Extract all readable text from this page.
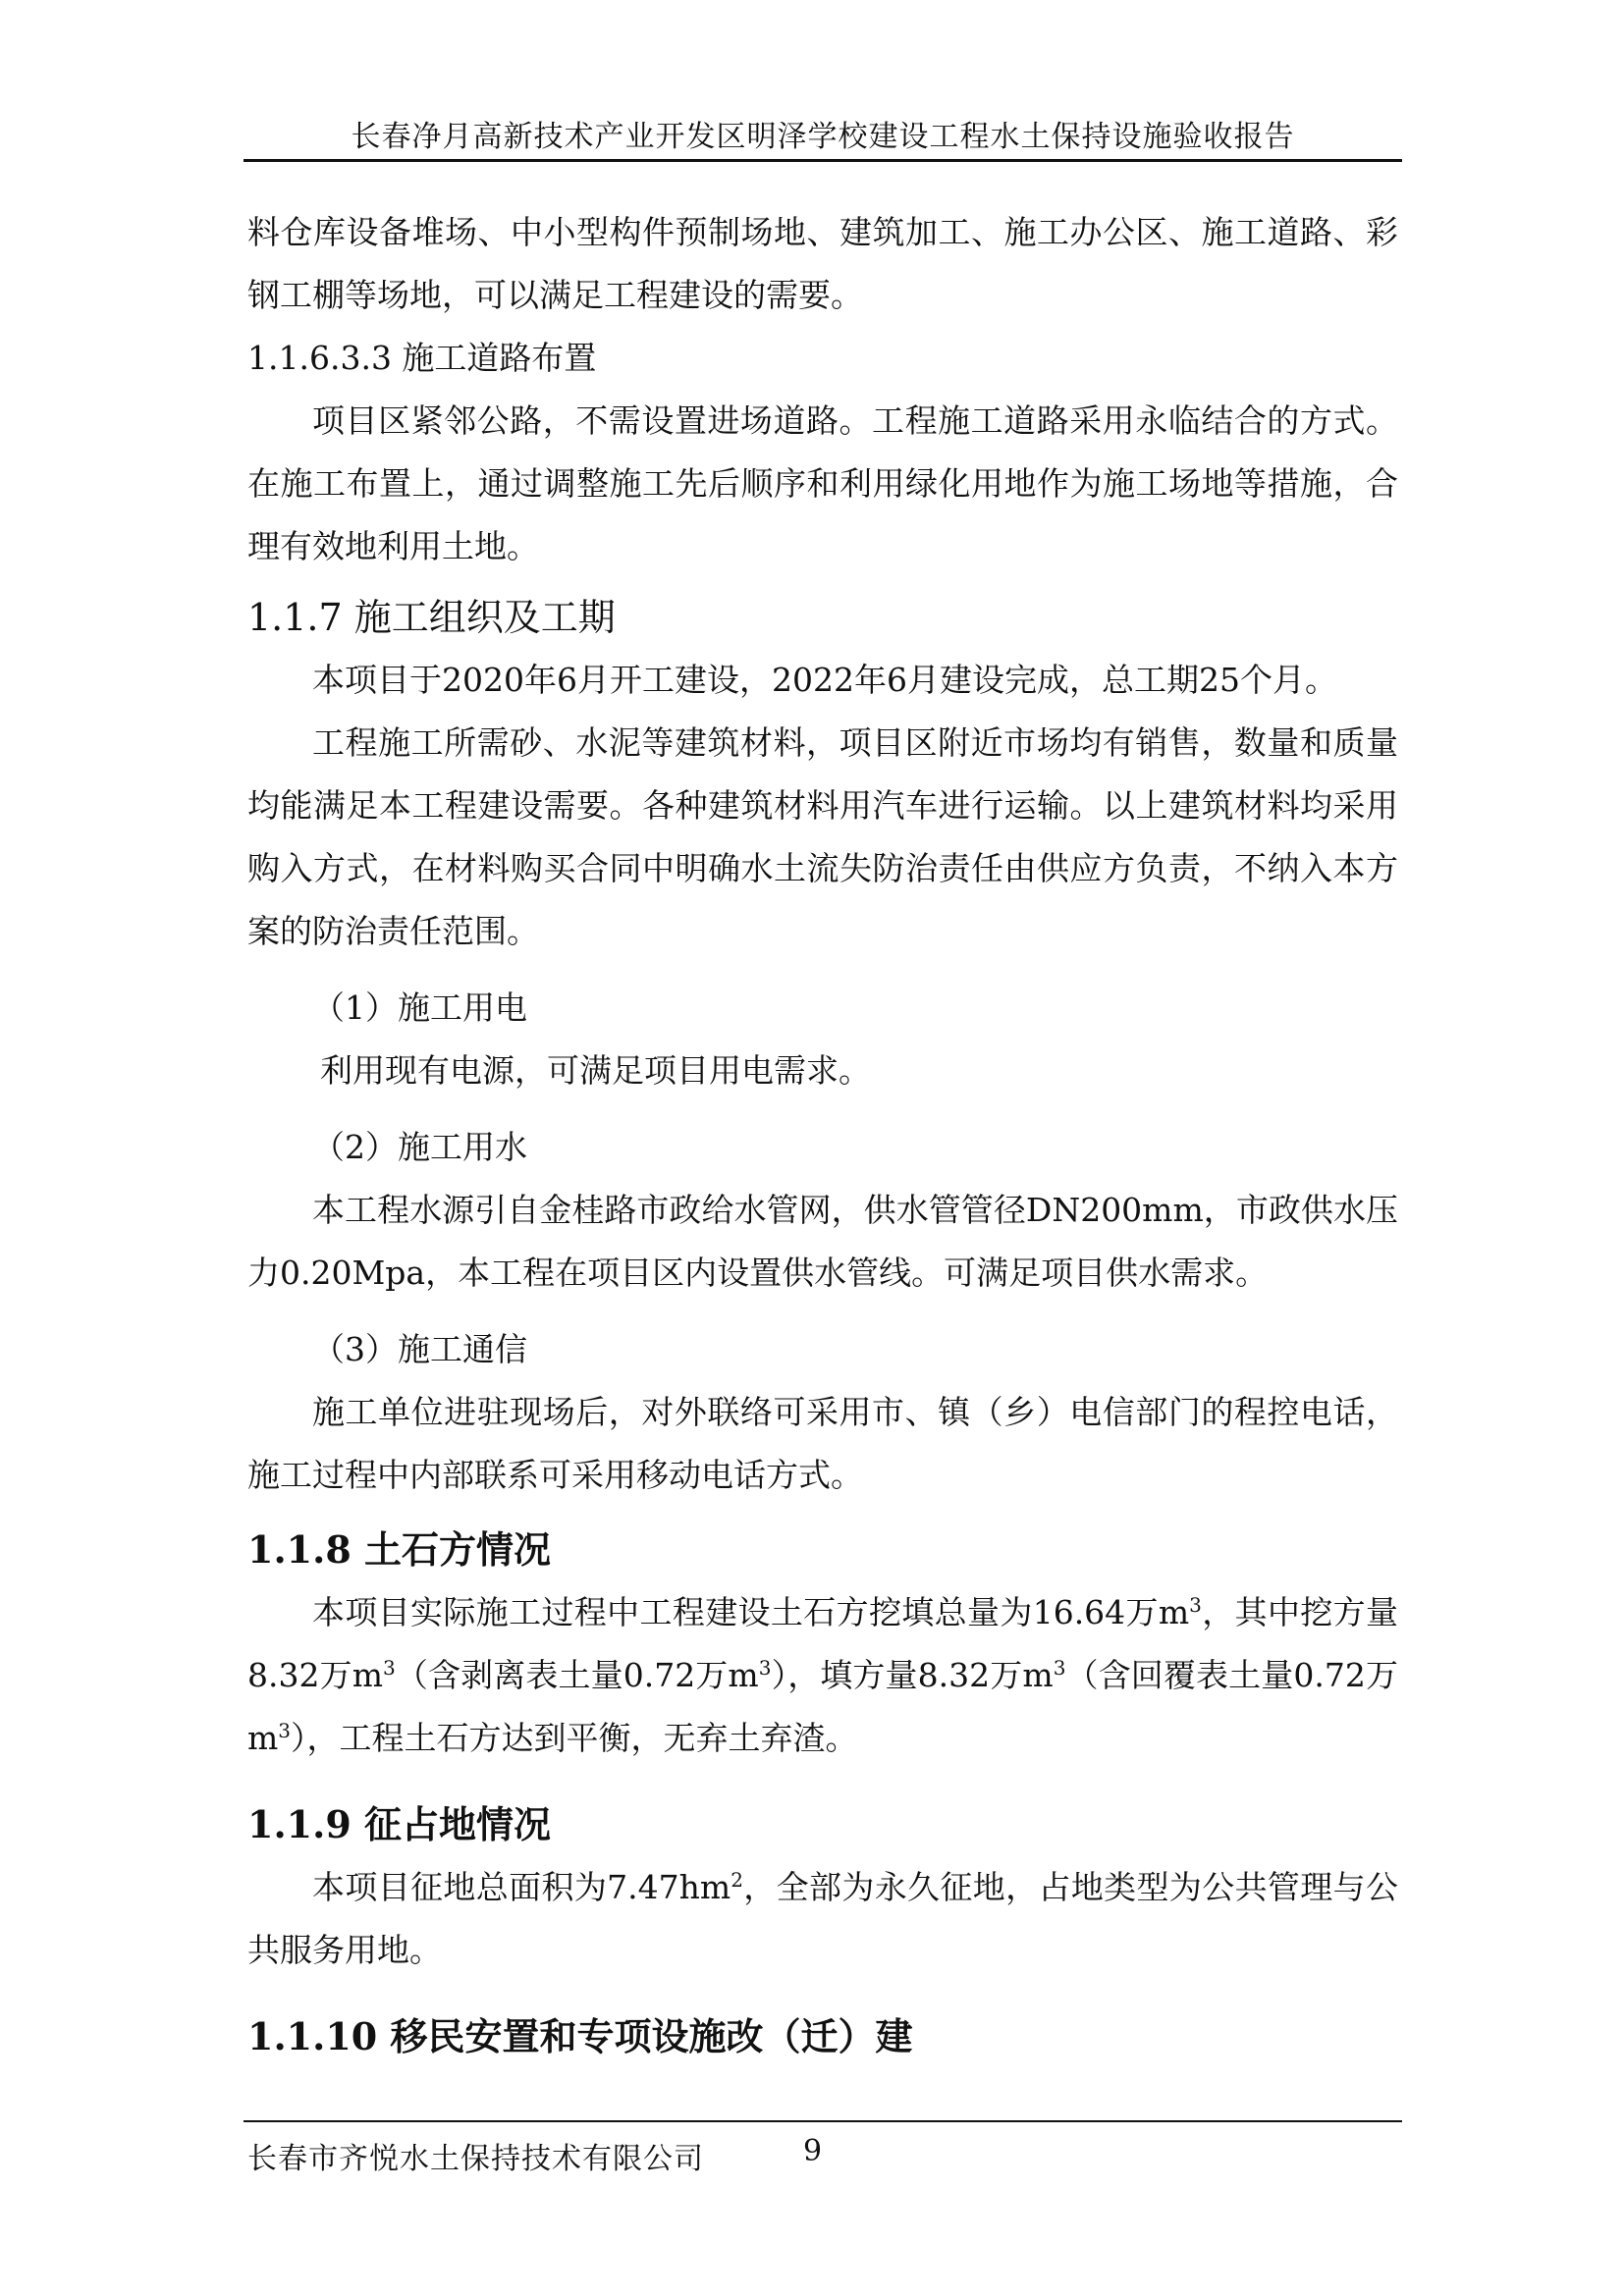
长春净月高新技术产业开发区明泽学校建设工程水土保持设施验收报告

料仓库设备堆场、中小型构件预制场地、建筑加工、施工办公区、施工道路、彩钢工棚等场地，可以满足工程建设的需要。

1.1.6.3.3 施工道路布置

项目区紧邻公路，不需设置进场道路。工程施工道路采用永临结合的方式。在施工布置上，通过调整施工先后顺序和利用绿化用地作为施工场地等措施，合理有效地利用土地。

1.1.7 施工组织及工期

本项目于2020年6月开工建设，2022年6月建设完成，总工期25个月。

工程施工所需砂、水泥等建筑材料，项目区附近市场均有销售，数量和质量均能满足本工程建设需要。各种建筑材料用汽车进行运输。以上建筑材料均采用购入方式，在材料购买合同中明确水土流失防治责任由供应方负责，不纳入本方案的防治责任范围。

（1）施工用电

利用现有电源，可满足项目用电需求。

（2）施工用水

本工程水源引自金桂路市政给水管网，供水管管径DN200mm，市政供水压力0.20Mpa，本工程在项目区内设置供水管线。可满足项目供水需求。

（3）施工通信

施工单位进驻现场后，对外联络可采用市、镇（乡）电信部门的程控电话，施工过程中内部联系可采用移动电话方式。

1.1.8 土石方情况

本项目实际施工过程中工程建设土石方挖填总量为16.64万$m^3$，其中挖方量8.32万$m^3$（含剥离表土量0.72万$m^3$），填方量8.32万$m^3$（含回覆表土量0.72万$m^3$），工程土石方达到平衡，无弃土弃渣。

1.1.9 征占地情况

本项目征地总面积为$7.47hm^2$，全部为永久征地，占地类型为公共管理与公共服务用地。

1.1.10 移民安置和专项设施改（迁）建
长春市齐悦水土保持技术有限公司	9
